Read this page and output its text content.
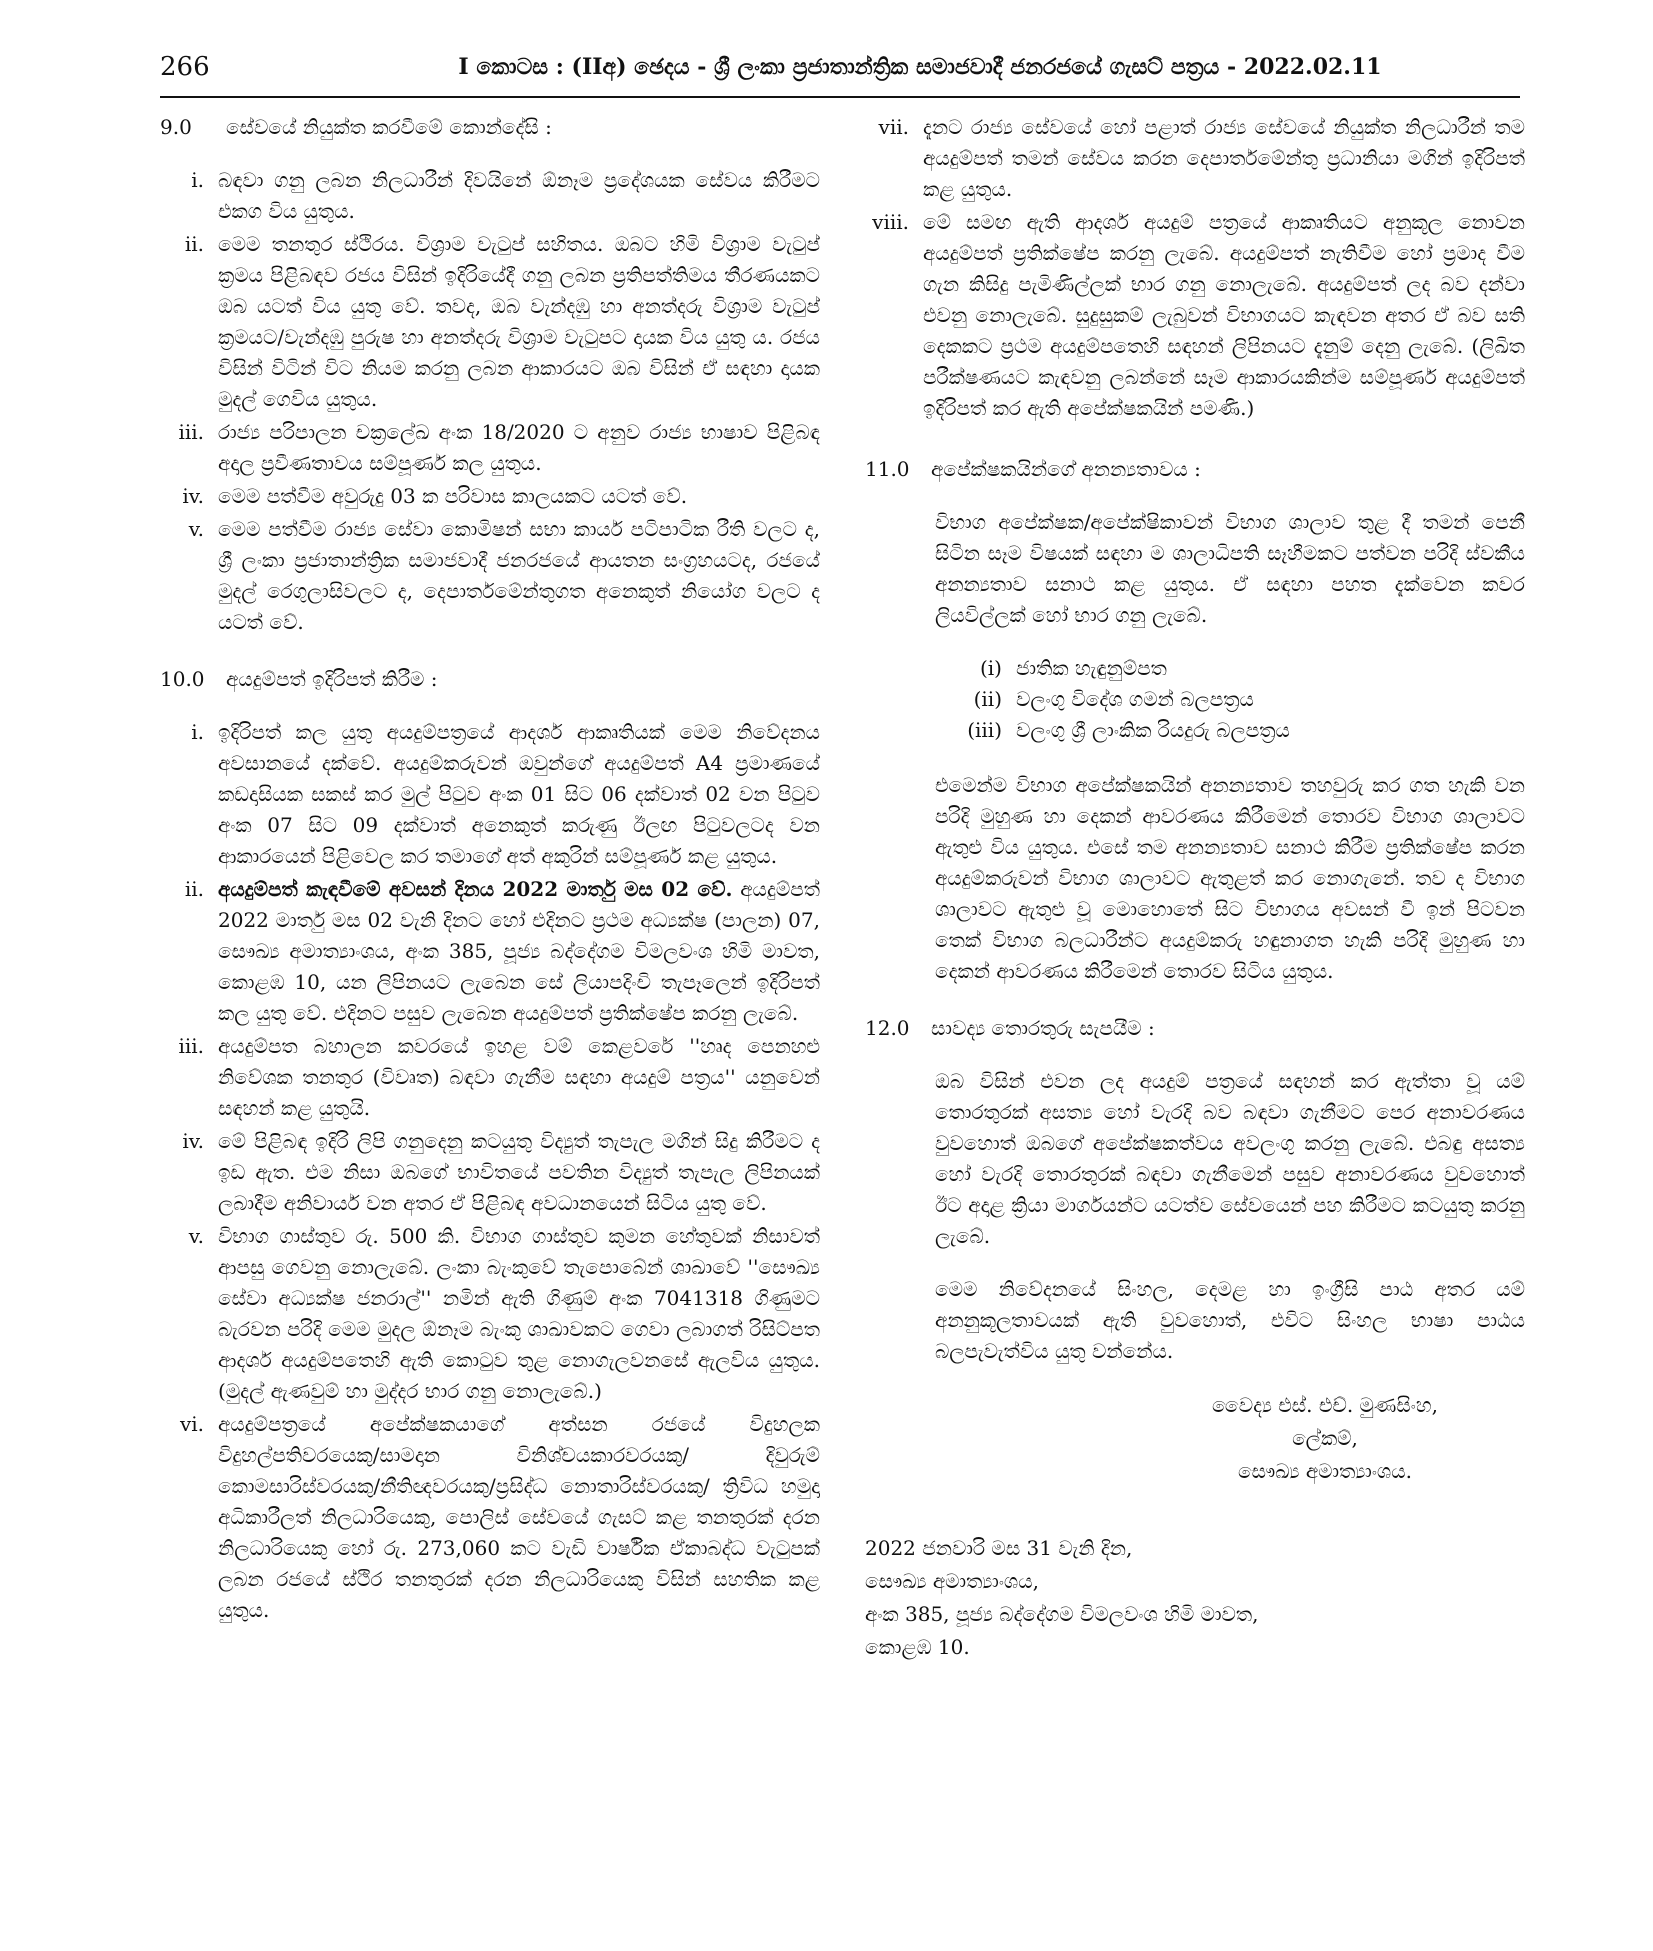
266	I කොටස : (IIඅ) ඡෙදය - ශ්‍රී ලංකා ප්‍රජාතාන්ත්‍රික සමාජවාදී ජනරජයේ ගැසට් පත්‍රය - 2022.02.11
9.0	සේවයේ නියුක්ත කරවීමේ කොන්දේසි :
i. බඳවා ගනු ලබන නිලධාරීන් දිවයිනේ ඕනෑම ප්‍රදේශයක සේවය කිරීමට එකග විය යුතුය.
ii. මෙම තනතුර ස්ථිරය. විශ්‍රාම වැටුප් සහිතය. ඔබට හිමි විශ්‍රාම වැටුප් ක්‍රමය පිළිබඳව රජය විසින් ඉදිරියේදී ගනු ලබන ප්‍රතිපත්තිමය තීරණයකට ඔබ යටත් විය යුතු වේ. තවද, ඔබ වැන්දඹු හා අනත්දරු විශ්‍රාම වැටුප් ක්‍රමයට/වැන්දඹු පුරුෂ හා අනත්දරු විශ්‍රාම වැටුපට දායක විය යුතු ය. රජය විසින් විටින් විට නියම කරනු ලබන ආකාරයට ඔබ විසින් ඒ සඳහා දායක මුදල් ගෙවිය යුතුය.
iii. රාජ්‍ය පරිපාලන චක්‍රලේඛ අංක 18/2020 ට අනුව රාජ්‍ය භාෂාව පිළිබඳ අදාල ප්‍රවීණතාවය සම්පූර්ණ කල යුතුය.
iv. මෙම පත්වීම අවුරුදු 03 ක පරිවාස කාලයකට යටත් වේ.
v. මෙම පත්වීම රාජ්‍ය සේවා කොමිෂන් සභා කාර්ය පටිපාටික රීති වලට ද, ශ්‍රී ලංකා ප්‍රජාතාන්ත්‍රික සමාජවාදී ජනරජයේ ආයතන සංග්‍රහයටද, රජයේ මුදල් රෙගුලාසිවලට ද, දෙපාර්තමේන්තුගත අනෙකුත් නියෝග වලට ද යටත් වේ.
10.0	අයදුම්පත් ඉදිරිපත් කිරීම :
i. ඉදිරිපත් කල යුතු අයදුම්පත්‍රයේ ආදර්ශ ආකෘතියක් මෙම නිවේදනය අවසානයේ දක්වේ. අයදුම්කරුවන් ඔවුන්ගේ අයදුම්පත් A4 ප්‍රමාණයේ කඩදාසියක සකස් කර මුල් පිටුව අංක 01 සිට 06 දක්වාත් 02 වන පිටුව අංක 07 සිට 09 දක්වාත් අනෙකුත් කරුණු ඊලඟ පිටුවලටද වන ආකාරයෙන් පිළිවෙල කර තමාගේ අත් අකුරින් සම්පූර්ණ කළ යුතුය.
ii. අයදුම්පත් කැඳවීමේ අවසන් දිනය 2022 මාර්තු මස 02 වේ. අයදුම්පත් 2022 මාර්තු මස 02 වැනි දිනට හෝ එදිනට ප්‍රථම අධ්‍යක්ෂ (පාලන) 07, සෞඛ්‍ය අමාත්‍යාංශය, අංක 385, පූජ්‍ය බද්දේගම විමලවංශ හිමි මාවත, කොළඹ 10, යන ලිපිනයට ලැබෙන සේ ලියාපදිංචි තැපෑලෙන් ඉදිරිපත් කල යුතු වේ. එදිනට පසුව ලැබෙන අයදුම්පත් ප්‍රතික්ෂේප කරනු ලැබේ.
iii. අයදුම්පත බහාලන කවරයේ ඉහළ වම් කෙළවරේ ''හෘද පෙනහළු නිවේශක තනතුර (විවෘත) බඳවා ගැනීම සඳහා අයදුම් පත්‍රය'' යනුවෙන් සඳහන් කළ යුතුයි.
iv. මේ පිළිබඳ ඉදිරි ලිපි ගනුදෙනු කටයුතු විද්‍යුත් තැපැල මගින් සිදු කිරීමට ද ඉඩ ඇත. එම නිසා ඔබගේ භාවිතයේ පවතින විද්‍යුත් තැපැල ලිපිනයක් ලබාදීම අනිවාර්ය වන අතර ඒ පිළිබඳ අවධානයෙන් සිටිය යුතු වේ.
v. විභාග ගාස්තුව රු. 500 කි. විභාග ගාස්තුව කුමන හේතුවක් නිසාවත් ආපසු ගෙවනු නොලැබේ. ලංකා බැංකුවේ තැපොබේන් ශාඛාවේ ''සෞඛ්‍ය සේවා අධ්‍යක්ෂ ජනරාල්'' නමින් ඇති ගිණුම් අංක 7041318 ගිණුමට බැරවන පරිදි මෙම මුදල ඕනෑම බැංකු ශාඛාවකට ගෙවා ලබාගත් රිසිට්පත ආදර්ශ අයදුම්පතෙහි ඇති කොටුව තුළ නොගැලවනසේ ඇලවිය යුතුය. (මුදල් ඇණවුම් හා මුද්දර භාර ගනු නොලැබේ.)
vi. අයදුම්පත්‍රයේ අපේක්ෂකයාගේ අත්සන රජයේ විදුහලක විදුහල්පතිවරයෙකු/සාමදාන විනිශ්චයකාරවරයකු/ දිවුරුම් කොමසාරිස්වරයකු/නීතිඥවරයකු/ප්‍රසිද්ධ නොතාරිස්වරයකු/ ත්‍රිවිධ හමුදා අධිකාරීලත් නිලධාරියෙකු, පොලිස් සේවයේ ගැසට් කළ තනතුරක් දරන නිලධාරියෙකු හෝ රු. 273,060 කට වැඩි වාර්ෂික ඒකාබද්ධ වැටුපක් ලබන රජයේ ස්ථිර තනතුරක් දරන නිලධාරියෙකු විසින් සහතික කළ යුතුය.
vii. දැනට රාජ්‍ය සේවයේ හෝ පළාත් රාජ්‍ය සේවයේ නියුක්ත නිලධාරීන් තම අයදුම්පත් තමන් සේවය කරන දෙපාර්තමේන්තු ප්‍රධානියා මගින් ඉදිරිපත් කළ යුතුය.
viii. මේ සමඟ ඇති ආදර්ශ අයදුම් පත්‍රයේ ආකෘතියට අනුකූල නොවන අයදුම්පත් ප්‍රතික්ෂේප කරනු ලැබේ. අයදුම්පත් නැතිවීම හෝ ප්‍රමාද වීම ගැන කිසිදු පැමිණිල්ලක් භාර ගනු නොලැබේ. අයදුම්පත් ලද බව දන්වා එවනු නොලැබේ. සුදුසුකම් ලැබුවන් විභාගයට කැඳවන අතර ඒ බව සති දෙකකට ප්‍රථම අයදුම්පතෙහි සඳහන් ලිපිනයට දැනුම් දෙනු ලැබේ. (ලිඛිත පරීක්ෂණයට කැඳවනු ලබන්නේ සෑම ආකාරයකින්ම සම්පූර්ණ අයදුම්පත් ඉදිරිපත් කර ඇති අපේක්ෂකයින් පමණි.)
11.0	අපේක්ෂකයින්ගේ අනන්‍යතාවය :
විභාග අපේක්ෂක/අපේක්ෂිකාවන් විභාග ශාලාව තුළ දී තමන් පෙනී සිටින සෑම විෂයක් සඳහා ම ශාලාධිපති සෑහීමකට පත්වන පරිදි ස්වකීය අනන්‍යතාව සනාථ කළ යුතුය. ඒ සඳහා පහත දැක්වෙන කවර ලියවිල්ලක් හෝ භාර ගනු ලැබේ.
(i) ජාතික හැඳුනුම්පත
(ii) වලංගු විදේශ ගමන් බලපත්‍රය
(iii) වලංගු ශ්‍රී ලාංකික රියදුරු බලපත්‍රය
එමෙන්ම විභාග අපේක්ෂකයින් අනන්‍යතාව තහවුරු කර ගත හැකි වන පරිදි මුහුණ හා දෙකන් ආවරණය කිරීමෙන් තොරව විභාග ශාලාවට ඇතුළු විය යුතුය. එසේ තම අනන්‍යතාව සනාථ කිරීම ප්‍රතික්ෂේප කරන අයදුම්කරුවන් විභාග ශාලාවට ඇතුළත් කර නොගැනේ. තව ද විභාග ශාලාවට ඇතුළු වූ මොහොතේ සිට විභාගය අවසන් වී ඉන් පිටවන තෙක් විභාග බලධාරීන්ට අයදුම්කරු හඳුනාගත හැකි පරිදි මුහුණ හා දෙකන් ආවරණය කිරීමෙන් තොරව සිටිය යුතුය.
12.0	සාවද්‍ය තොරතුරු සැපයීම :
ඔබ විසින් එවන ලද අයදුම් පත්‍රයේ සඳහන් කර ඇත්තා වූ යම් තොරතුරක් අසත්‍ය හෝ වැරදි බව බඳවා ගැනීමට පෙර අනාවරණය වුවහොත් ඔබගේ අපේක්ෂකත්වය අවලංගු කරනු ලැබේ. එබඳු අසත්‍ය හෝ වැරදි තොරතුරක් බඳවා ගැනීමෙන් පසුව අනාවරණය වුවහොත් ඊට අදාළ ක්‍රියා මාර්ගයන්ට යටත්ව සේවයෙන් පහ කිරීමට කටයුතු කරනු ලැබේ.
මෙම නිවේදනයේ සිංහල, දෙමළ හා ඉංග්‍රීසි පාඨ අතර යම් අනනුකූලතාවයක් ඇති වුවහොත්, එවිට සිංහල භාෂා පාඨය බලපැවැත්විය යුතු වන්නේය.
වෛද්‍ය එස්. එච්. මුණසිංහ,
ලේකම්,
සෞඛ්‍ය අමාත්‍යාංශය.
2022 ජනවාරි මස 31 වැනි දින,
සෞඛ්‍ය අමාත්‍යාංශය,
අංක 385, පූජ්‍ය බද්දේගම විමලවංශ හිමි මාවත,
කොළඹ 10.
